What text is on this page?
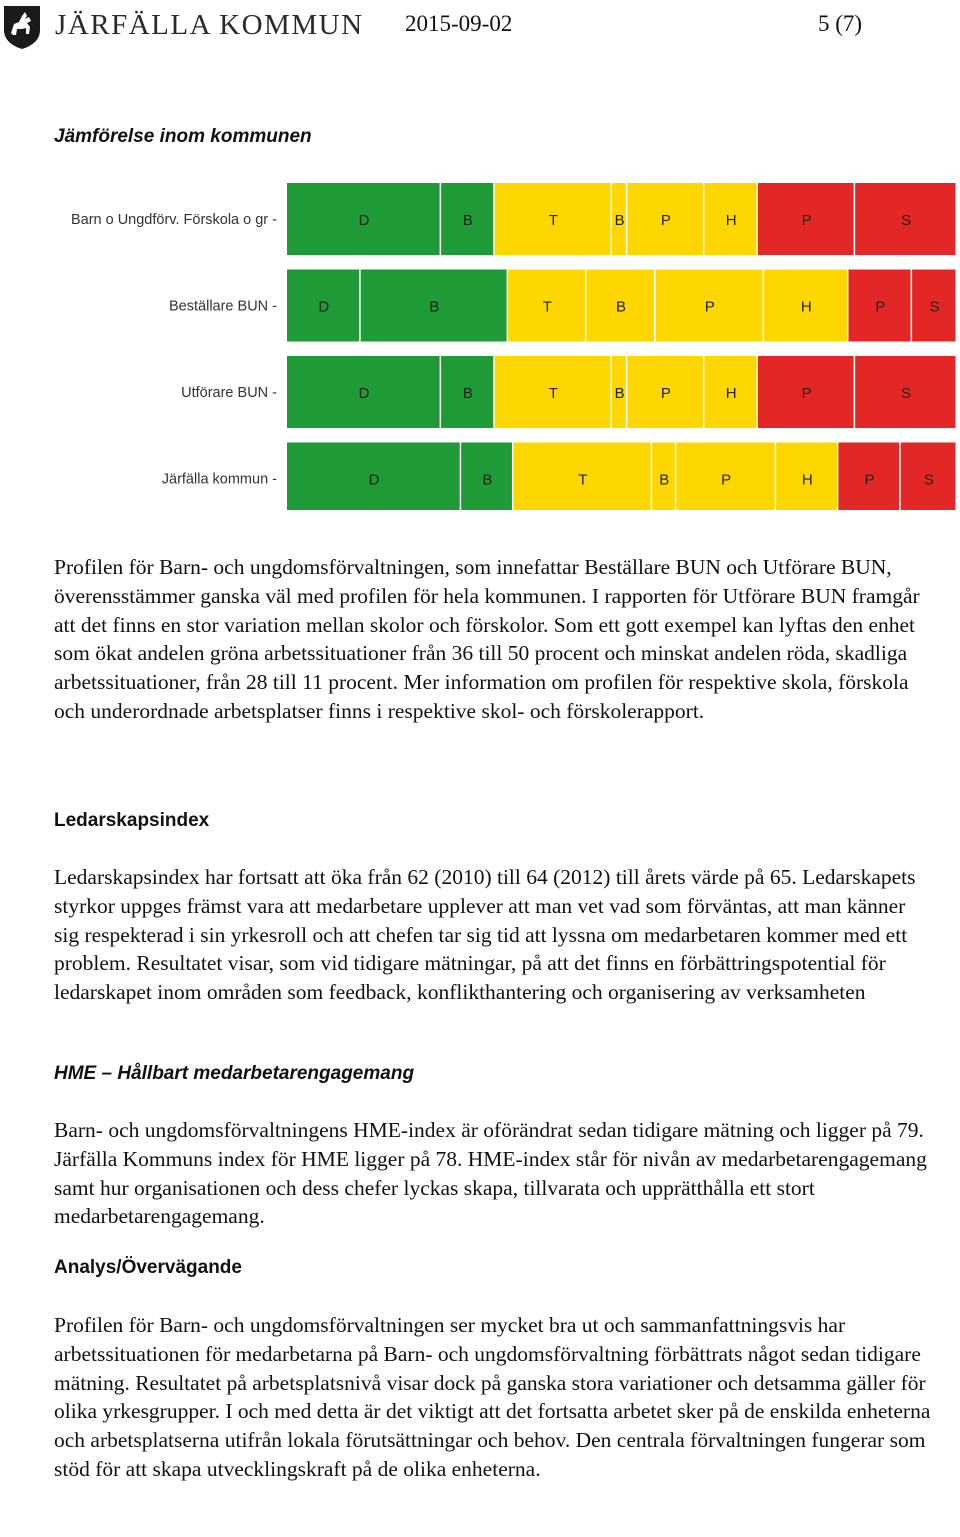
JÄRFÄLLA KOMMUN 2015-09-02	5 (7)
Jämförelse inom kommunen
Barn o Ungdförv. Förskola o gr -	D	B	T	B P	H	P	S
Beställare BUN -	D	B	T	B	P	H	P	S
Utförare BUN -	D	B	T	B P	H	P	S
Järfälla kommun -	D	B	T	B	P	H	P	S

Profilen för Barn- och ungdomsförvaltningen, som innefattar Beställare BUN och Utförare BUN, överensstämmer ganska väl med profilen för hela kommunen. I rapporten för Utförare BUN framgår att det finns en stor variation mellan skolor och förskolor. Som ett gott exempel kan lyftas den enhet som ökat andelen gröna arbetssituationer från 36 till 50 procent och minskat andelen röda, skadliga arbetssituationer, från 28 till 11 procent. Mer information om profilen för respektive skola, förskola och underordnade arbetsplatser finns i respektive skol- och förskolerapport.

Ledarskapsindex

Ledarskapsindex har fortsatt att öka från 62 (2010) till 64 (2012) till årets värde på 65. Ledarskapets styrkor uppges främst vara att medarbetare upplever att man vet vad som förväntas, att man känner sig respekterad i sin yrkesroll och att chefen tar sig tid att lyssna om medarbetaren kommer med ett problem. Resultatet visar, som vid tidigare mätningar, på att det finns en förbättringspotential för ledarskapet inom områden som feedback, konflikthantering och organisering av verksamheten

HME – Hållbart medarbetarengagemang

Barn- och ungdomsförvaltningens HME-index är oförändrat sedan tidigare mätning och ligger på 79. Järfälla Kommuns index för HME ligger på 78. HME-index står för nivån av medarbetarengagemang samt hur organisationen och dess chefer lyckas skapa, tillvarata och upprätthålla ett stort medarbetarengagemang.

Analys/Övervägande

Profilen för Barn- och ungdomsförvaltningen ser mycket bra ut och sammanfattningsvis har arbetssituationen för medarbetarna på Barn- och ungdomsförvaltning förbättrats något sedan tidigare mätning. Resultatet på arbetsplatsnivå visar dock på ganska stora variationer och detsamma gäller för olika yrkesgrupper. I och med detta är det viktigt att det fortsatta arbetet sker på de enskilda enheterna och arbetsplatserna utifrån lokala förutsättningar och behov. Den centrala förvaltningen fungerar som stöd för att skapa utvecklingskraft på de olika enheterna.
